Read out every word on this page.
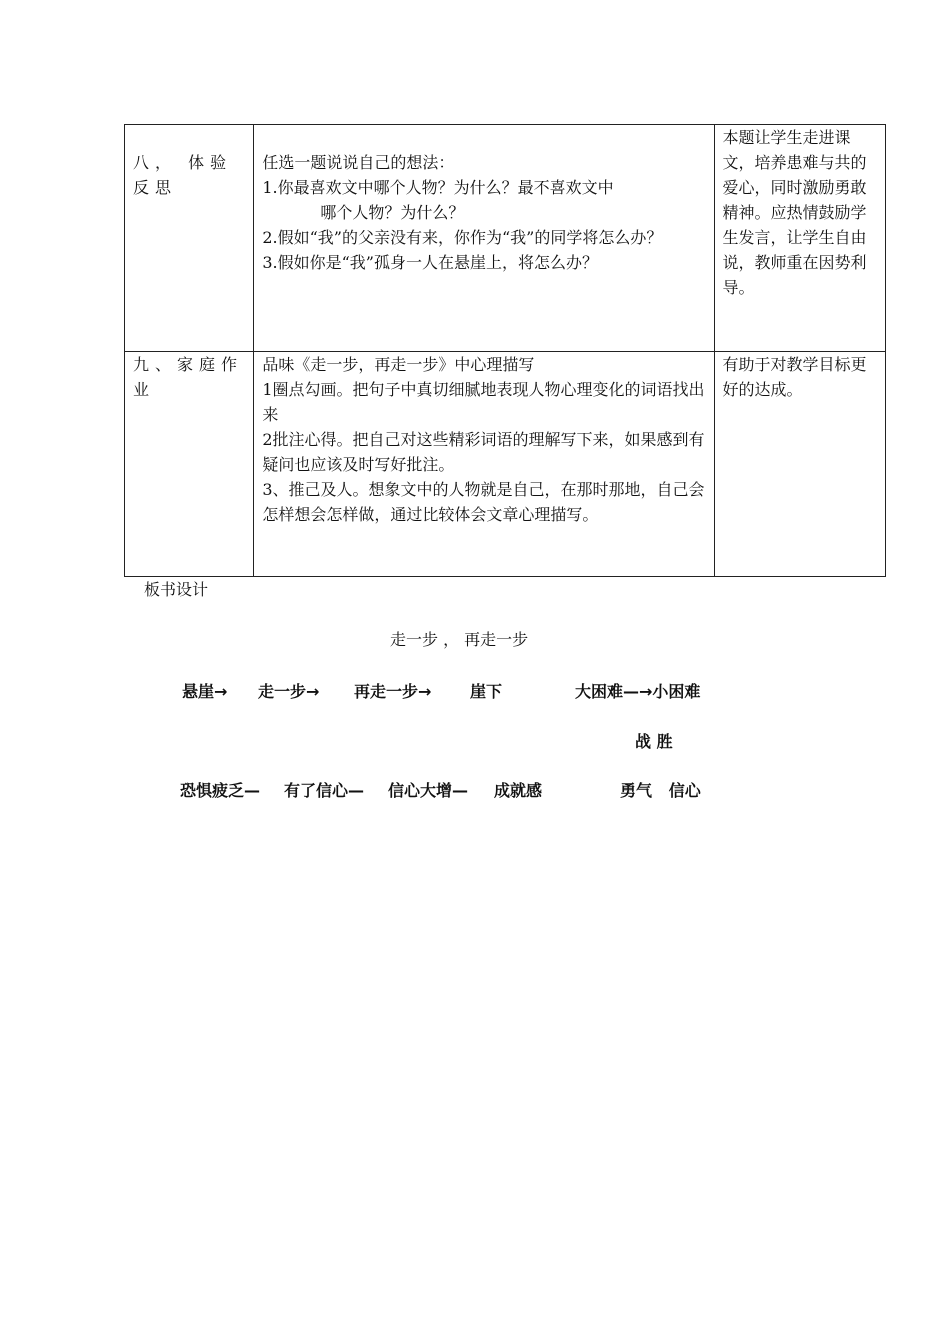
八， 体验反思	任选一题说说自己的想法：
1.你最喜欢文中哪个人物？为什么？最不喜欢文中
哪个人物？为什么？
2.假如“我”的父亲没有来，你作为“我”的同学将怎么办？
3.假如你是“我”孤身一人在悬崖上，将怎么办？	本题让学生走进课文，培养患难与共的爱心，同时激励勇敢精神。应热情鼓励学生发言，让学生自由说，教师重在因势利导。
九、家庭作业	品味《走一步，再走一步》中心理描写
1圈点勾画。把句子中真切细腻地表现人物心理变化的词语找出来
2批注心得。把自己对这些精彩词语的理解写下来，如果感到有疑问也应该及时写好批注。
3、推己及人。想象文中的人物就是自己，在那时那地，自己会怎样想会怎样做，通过比较体会文章心理描写。	有助于对教学目标更好的达成。
板书设计
走一步 ， 再走一步
悬崖→ 走一步→ 再走一步→ 崖下	大困难—→小困难
战 胜
恐惧疲乏— 有了信心— 信心大增— 成就感	勇气   信心
